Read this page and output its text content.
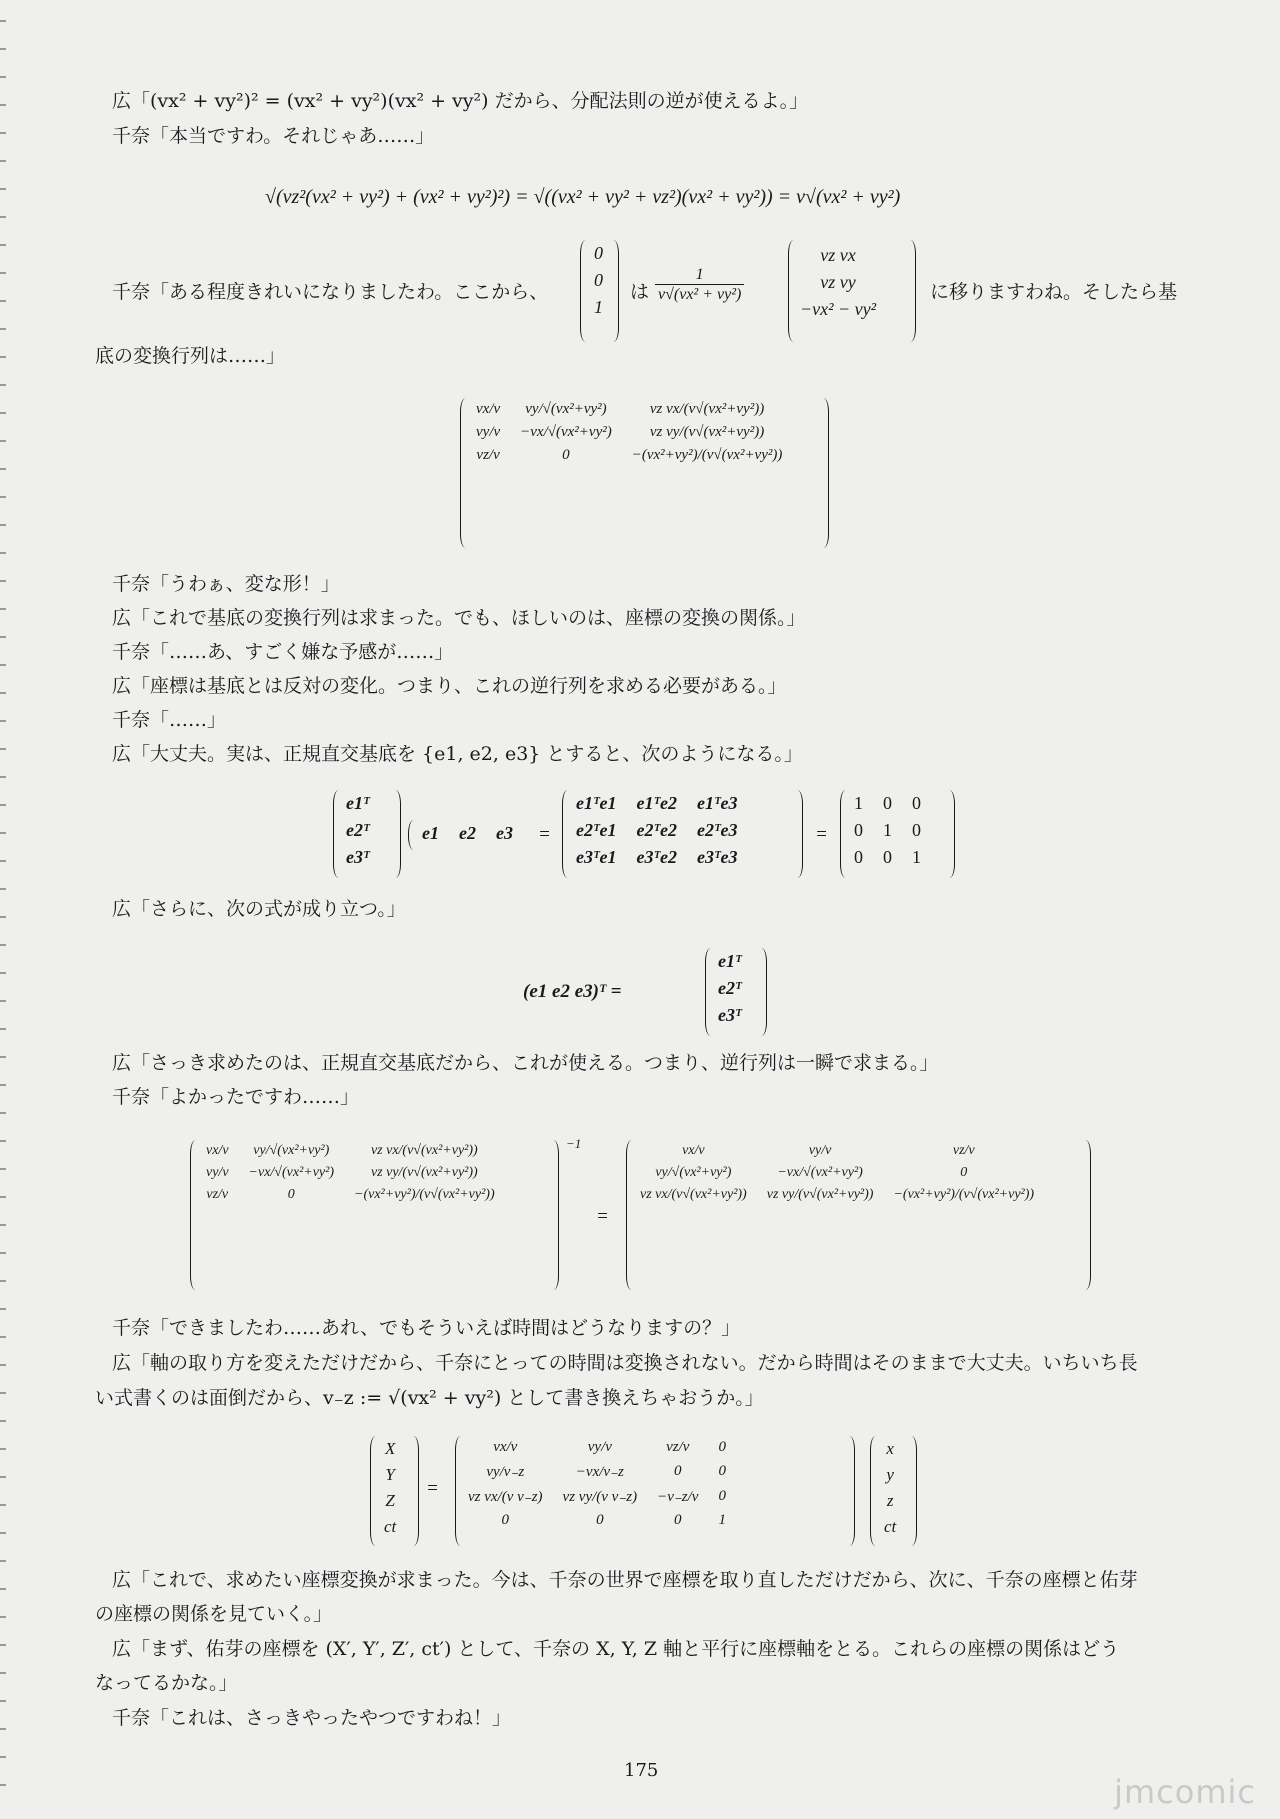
広「(vx² + vy²)² = (vx² + vy²)(vx² + vy²) だから、分配法則の逆が使えるよ。」
千奈「本当ですわ。それじゃあ……」
√(vz²(vx² + vy²) + (vx² + vy²)²) = √((vx² + vy² + vz²)(vx² + vy²)) = v√(vx² + vy²)
千奈「ある程度きれいになりましたわ。ここから、
0
0
1
は $\frac{1}{\text{v√(vx² + vy²)}}$
vz vx
vz vy
−vx² − vy²
に移りますわね。そしたら基
底の変換行列は……」
vx/v	vy/√(vx²+vy²)	vz vx/(v√(vx²+vy²))
vy/v	−vx/√(vx²+vy²)	vz vy/(v√(vx²+vy²))
vz/v	0	−(vx²+vy²)/(v√(vx²+vy²))
千奈「うわぁ、変な形！」
広「これで基底の変換行列は求まった。でも、ほしいのは、座標の変換の関係。」
千奈「……あ、すごく嫌な予感が……」
広「座標は基底とは反対の変化。つまり、これの逆行列を求める必要がある。」
千奈「……」
広「大丈夫。実は、正規直交基底を {e1, e2, e3} とすると、次のようになる。」
e1ᵀ
e2ᵀ
e3ᵀ
e1	e2	e3 =
e1ᵀe1	e1ᵀe2	e1ᵀe3
e2ᵀe1	e2ᵀe2	e2ᵀe3
e3ᵀe1	e3ᵀe2	e3ᵀe3
=
1	0	0
0	1	0
0	0	1
広「さらに、次の式が成り立つ。」
(e1 e2 e3)ᵀ =
e1ᵀ
e2ᵀ
e3ᵀ
広「さっき求めたのは、正規直交基底だから、これが使える。つまり、逆行列は一瞬で求まる。」
千奈「よかったですわ……」
vx/v	vy/√(vx²+vy²)	vz vx/(v√(vx²+vy²))
vy/v	−vx/√(vx²+vy²)	vz vy/(v√(vx²+vy²))
vz/v	0	−(vx²+vy²)/(v√(vx²+vy²))
−1
=
vx/v	vy/v	vz/v
vy/√(vx²+vy²)	−vx/√(vx²+vy²)	0
vz vx/(v√(vx²+vy²))	vz vy/(v√(vx²+vy²))	−(vx²+vy²)/(v√(vx²+vy²))
千奈「できましたわ……あれ、でもそういえば時間はどうなりますの？」
広「軸の取り方を変えただけだから、千奈にとっての時間は変換されない。だから時間はそのままで大丈夫。いちいち長
い式書くのは面倒だから、v₋z := √(vx² + vy²) として書き換えちゃおうか。」
X
Y
Z
ct
=
vx/v	vy/v	vz/v	0
vy/v₋z	−vx/v₋z	0	0
vz vx/(v v₋z)	vz vy/(v v₋z)	−v₋z/v	0
0	0	0	1
x
y
z
ct
広「これで、求めたい座標変換が求まった。今は、千奈の世界で座標を取り直しただけだから、次に、千奈の座標と佑芽
の座標の関係を見ていく。」
広「まず、佑芽の座標を (X′, Y′, Z′, ct′) として、千奈の X, Y, Z 軸と平行に座標軸をとる。これらの座標の関係はどう
なってるかな。」
千奈「これは、さっきやったやつですわね！」
175
jmcomic
